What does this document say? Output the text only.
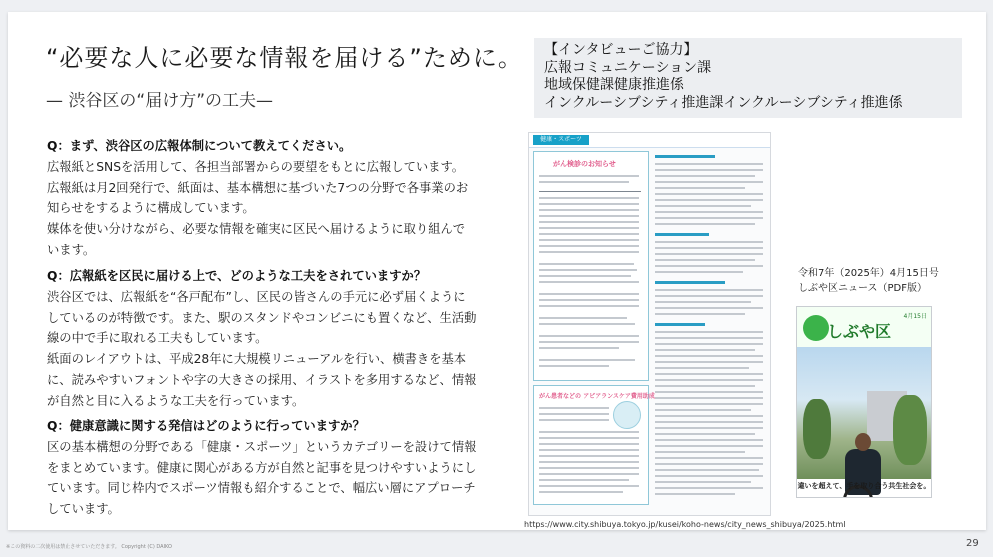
“必要な人に必要な情報を届ける”ために。
— 渋谷区の“届け方”の工夫—
【インタビューご協力】
広報コミュニケーション課
地域保健課健康推進係
インクルーシブシティ推進課インクルーシブシティ推進係
Q：まず、渋谷区の広報体制について教えてください。

広報紙とSNSを活用して、各担当部署からの要望をもとに広報しています。

広報紙は月2回発行で、紙面は、基本構想に基づいた7つの分野で各事業のお知らせをするように構成しています。

媒体を使い分けながら、必要な情報を確実に区民へ届けるように取り組んでいます。

Q：広報紙を区民に届ける上で、どのような工夫をされていますか？

渋谷区では、広報紙を“各戸配布”し、区民の皆さんの手元に必ず届くようにしているのが特徴です。また、駅のスタンドやコンビニにも置くなど、生活動線の中で手に取れる工夫もしています。

紙面のレイアウトは、平成28年に大規模リニューアルを行い、横書きを基本に、読みやすいフォントや字の大きさの採用、イラストを多用するなど、情報が自然と目に入るような工夫を行っています。

Q：健康意識に関する発信はどのように行っていますか？

区の基本構想の分野である「健康・スポーツ」というカテゴリーを設けて情報をまとめています。健康に関心がある方が自然と記事を見つけやすいようにしています。同じ枠内でスポーツ情報も紹介することで、幅広い層にアプローチしています。

健康・スポーツ
がん検診のお知らせ
がん患者などの アピアランスケア費用助成
https://www.city.shibuya.tokyo.jp/kusei/koho-news/city_news_shibuya/2025.html
令和7年（2025年）4月15日号
しぶや区ニュース（PDF版）
しぶや区
4月15日
違いを超えて、手を取り合う共生社会を。
※この資料の二次使用は禁止させていただきます。 Copyright (C) DAIKO	29
